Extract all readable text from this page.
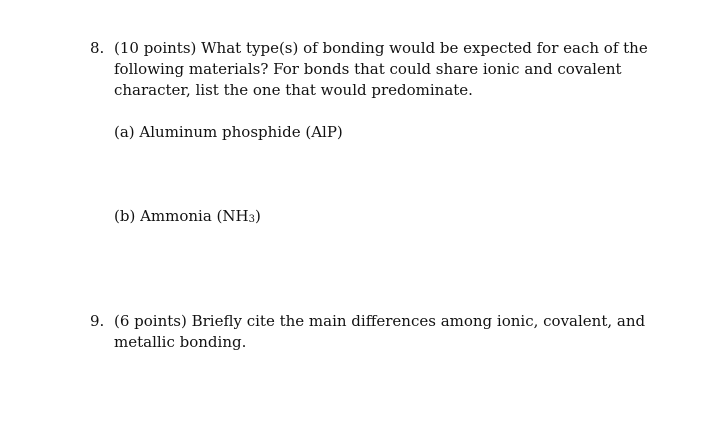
8. (10 points) What type(s) of bonding would be expected for each of the following materials? For bonds that could share ionic and covalent character, list the one that would predominate.
(a) Aluminum phosphide (AlP)
(b) Ammonia $(NH_3)$
9. (6 points) Briefly cite the main differences among ionic, covalent, and metallic bonding.
